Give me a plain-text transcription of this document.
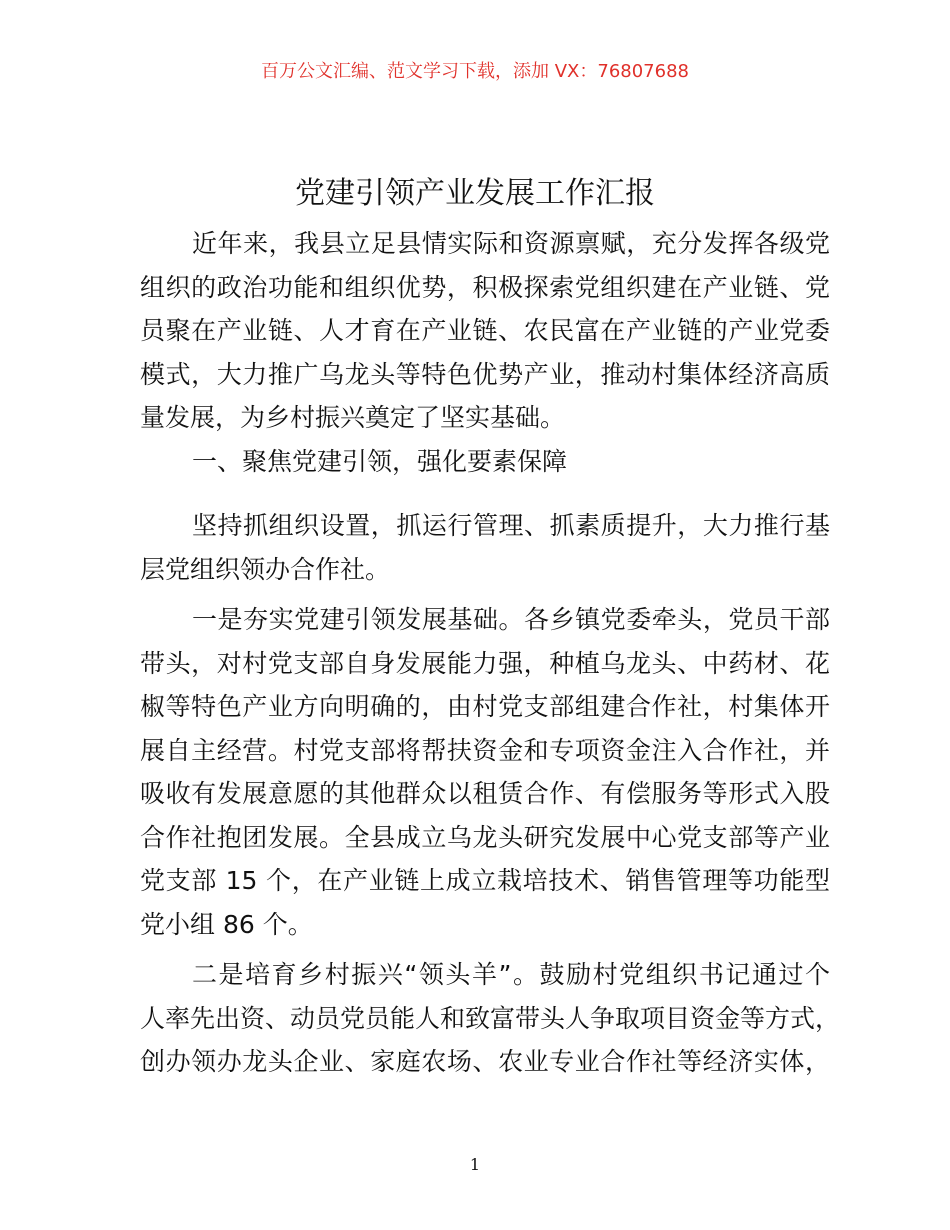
百万公文汇编、范文学习下载，添加 VX：76807688
党建引领产业发展工作汇报
近年来，我县立足县情实际和资源禀赋，充分发挥各级党
组织的政治功能和组织优势，积极探索党组织建在产业链、党
员聚在产业链、人才育在产业链、农民富在产业链的产业党委
模式，大力推广乌龙头等特色优势产业，推动村集体经济高质
量发展，为乡村振兴奠定了坚实基础。
一、聚焦党建引领，强化要素保障
坚持抓组织设置，抓运行管理、抓素质提升，大力推行基
层党组织领办合作社。
一是夯实党建引领发展基础。各乡镇党委牵头，党员干部
带头，对村党支部自身发展能力强，种植乌龙头、中药材、花
椒等特色产业方向明确的，由村党支部组建合作社，村集体开
展自主经营。村党支部将帮扶资金和专项资金注入合作社，并
吸收有发展意愿的其他群众以租赁合作、有偿服务等形式入股
合作社抱团发展。全县成立乌龙头研究发展中心党支部等产业
党支部 15 个，在产业链上成立栽培技术、销售管理等功能型
党小组 86 个。
二是培育乡村振兴“领头羊”。鼓励村党组织书记通过个
人率先出资、动员党员能人和致富带头人争取项目资金等方式，
创办领办龙头企业、家庭农场、农业专业合作社等经济实体，
1
